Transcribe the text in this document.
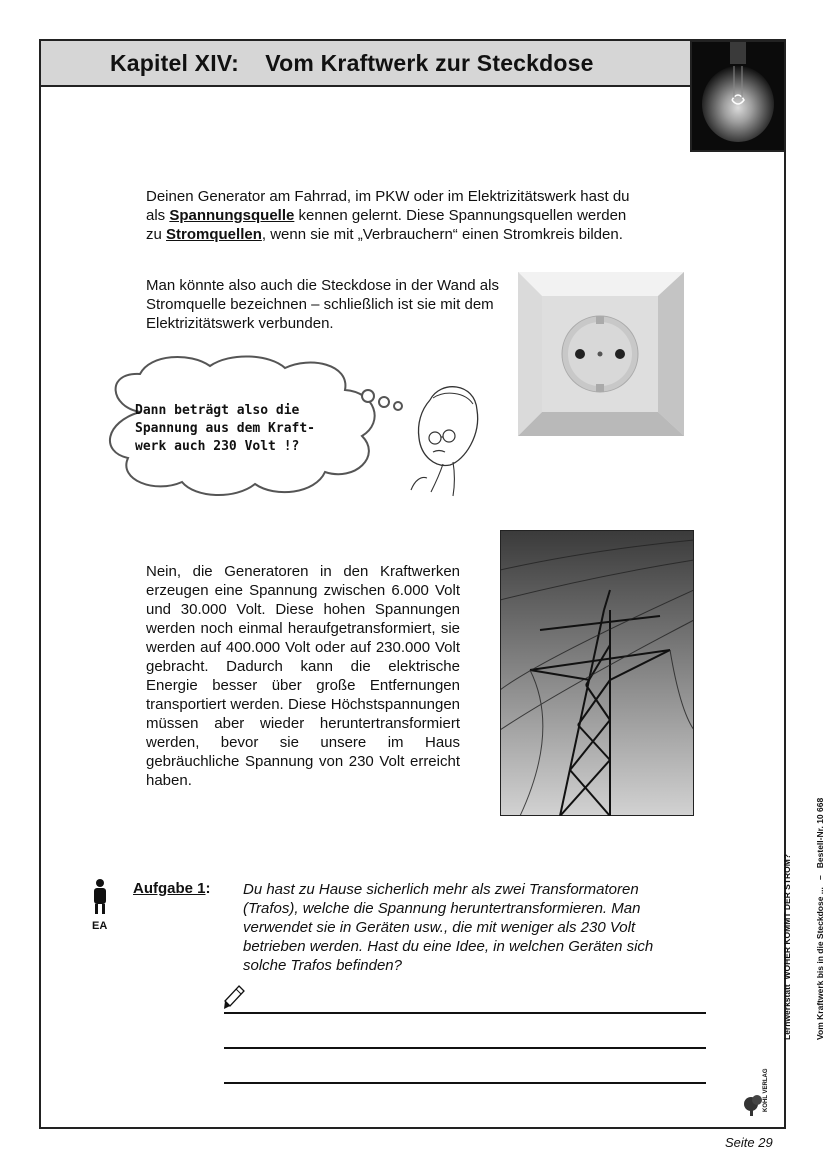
Kapitel XIV:    Vom Kraftwerk zur Steckdose

Deinen Generator am Fahrrad, im PKW oder im Elektrizitätswerk hast du
als Spannungsquelle kennen gelernt. Diese Spannungsquellen werden
zu Stromquellen, wenn sie mit „Verbrauchern“ einen Stromkreis bilden.

Man könnte also auch die Steckdose in der Wand als Stromquelle bezeichnen – schließlich ist sie mit dem Elektrizitätswerk verbunden.

Dann beträgt also die
Spannung aus dem Kraft-
werk auch 230 Volt !?

Nein, die Generatoren in den Kraftwerken erzeugen eine Spannung zwischen 6.000 Volt und 30.000 Volt. Diese hohen Spannungen werden noch einmal heraufgetransformiert, sie werden auf 400.000 Volt oder auf 230.000 Volt gebracht. Dadurch kann die elektrische Energie besser über große Entfernungen transportiert werden. Diese Höchstspannungen müssen aber wieder heruntertransformiert werden, bevor sie unsere im Haus gebräuchliche Spannung von 230 Volt erreicht haben.

EA

Aufgabe 1: Du hast zu Hause sicherlich mehr als zwei Transformatoren (Trafos), welche die Spannung heruntertransformieren. Man verwendet sie in Geräten usw., die mit weniger als 230 Volt betrieben werden. Hast du eine Idee, in welchen Geräten sich solche Trafos befinden?

	Lernwerkstatt  WOHER KOMMT DER STROM?

	Vom Kraftwerk bis in die Steckdose ...   –   Bestell-Nr. 10 668

KOHL VERLAG

Seite 29
